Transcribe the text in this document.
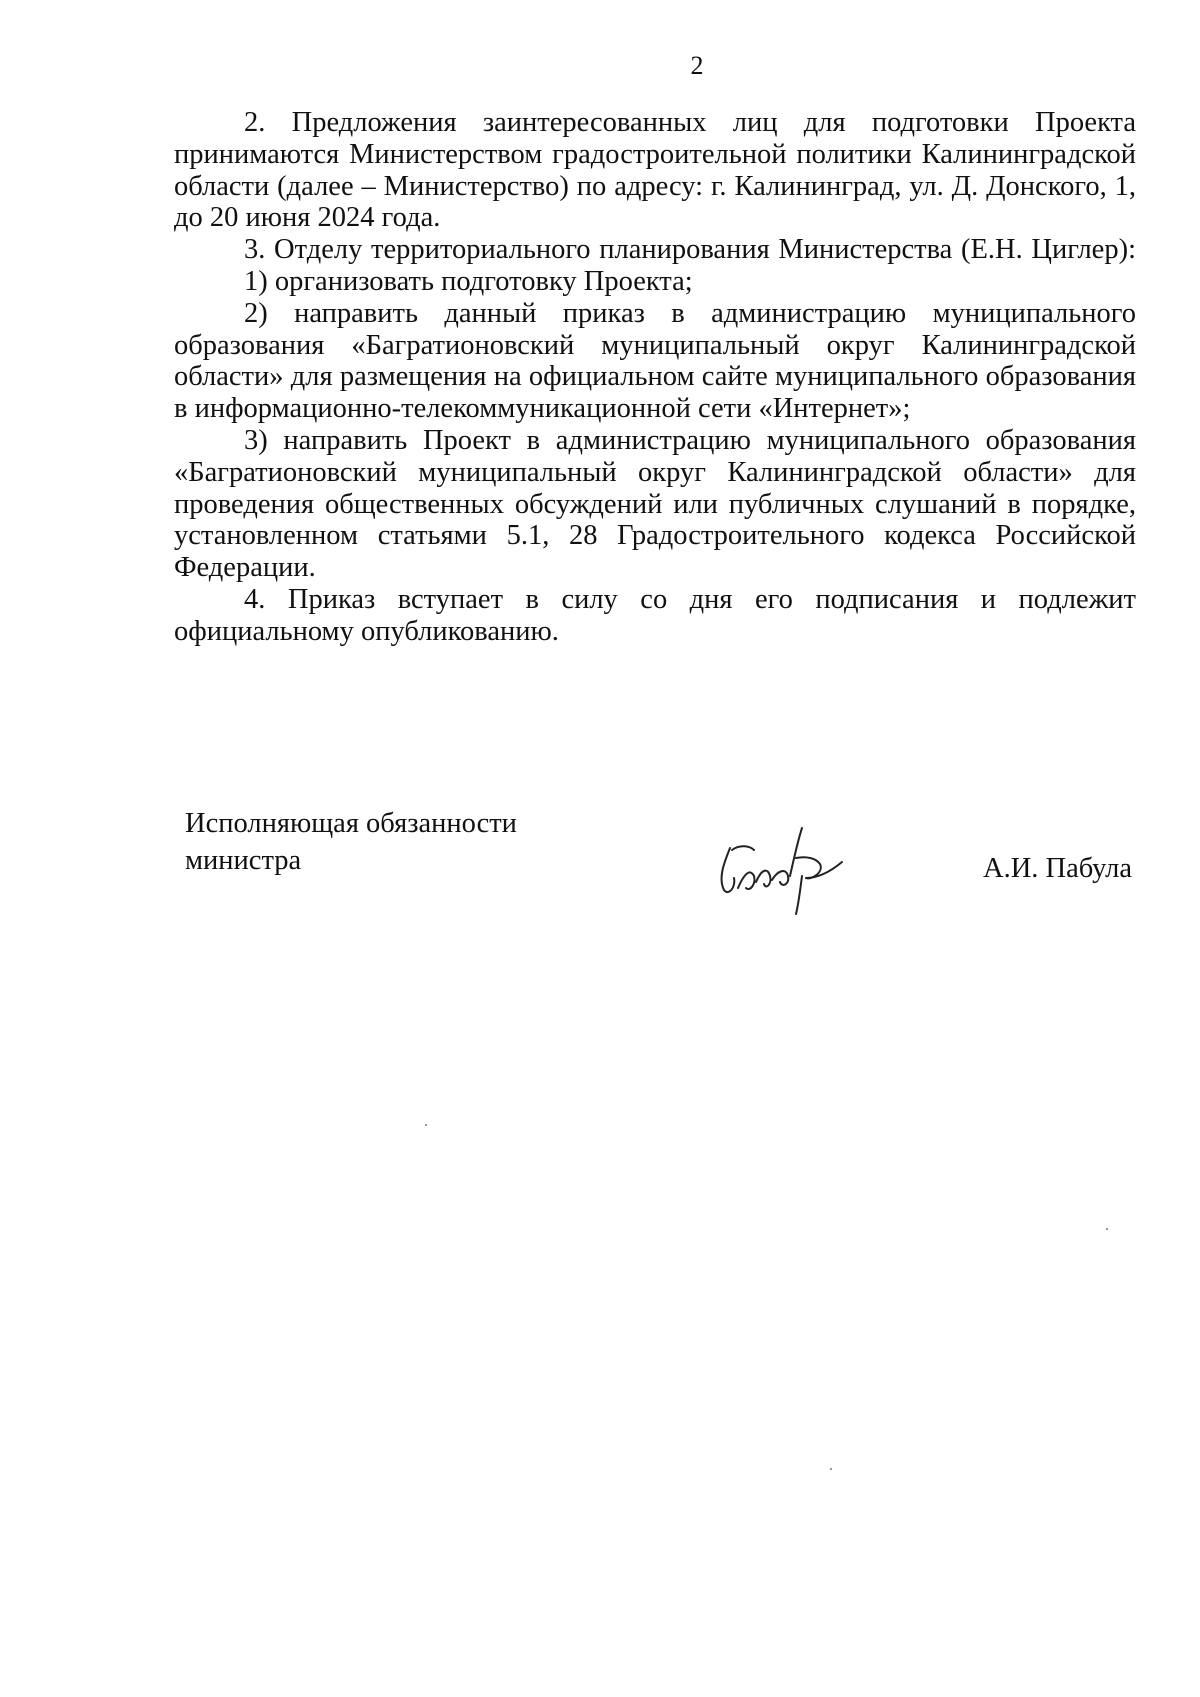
2

2. Предложения заинтересованных лиц для подготовки Проекта принимаются Министерством градостроительной политики Калининградской области (далее – Министерство) по адресу: г. Калининград, ул. Д. Донского, 1, до 20 июня 2024 года.

3. Отделу территориального планирования Министерства (Е.Н. Циглер):

1) организовать подготовку Проекта;

2) направить данный приказ в администрацию муниципального образования «Багратионовский муниципальный округ Калининградской области» для размещения на официальном сайте муниципального образования в информационно-телекоммуникационной сети «Интернет»;

3) направить Проект в администрацию муниципального образования «Багратионовский муниципальный округ Калининградской области» для проведения общественных обсуждений или публичных слушаний в порядке, установленном статьями 5.1, 28 Градостроительного кодекса Российской Федерации.

4. Приказ вступает в силу со дня его подписания и подлежит официальному опубликованию.

Исполняющая обязанности
министра	А.И. Пабула
